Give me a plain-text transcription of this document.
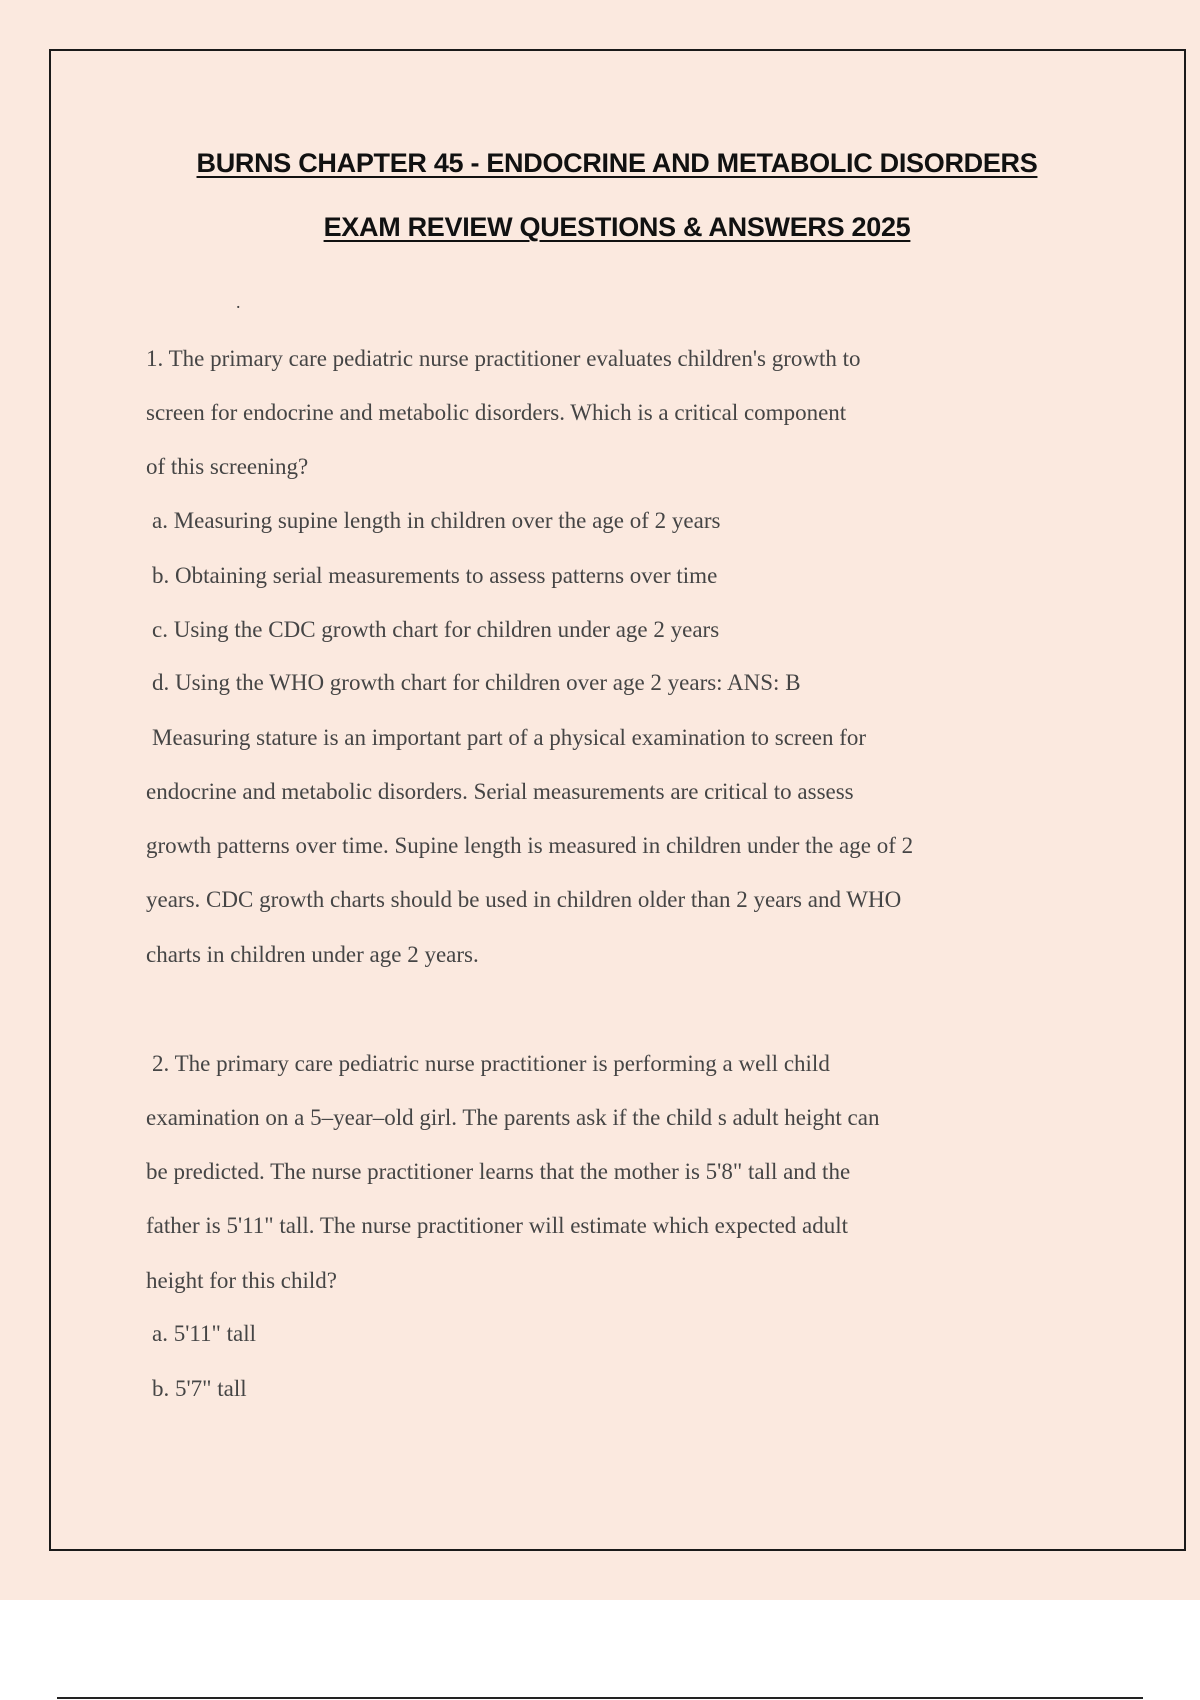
BURNS CHAPTER 45 - ENDOCRINE AND METABOLIC DISORDERS
EXAM REVIEW QUESTIONS & ANSWERS 2025
.

1. The primary care pediatric nurse practitioner evaluates children's growth to

screen for endocrine and metabolic disorders. Which is a critical component

of this screening?

a. Measuring supine length in children over the age of 2 years

b. Obtaining serial measurements to assess patterns over time

c. Using the CDC growth chart for children under age 2 years

d. Using the WHO growth chart for children over age 2 years: ANS: B

Measuring stature is an important part of a physical examination to screen for

endocrine and metabolic disorders. Serial measurements are critical to assess

growth patterns over time. Supine length is measured in children under the age of 2

years. CDC growth charts should be used in children older than 2 years and WHO

charts in children under age 2 years.

2. The primary care pediatric nurse practitioner is performing a well child

examination on a 5–year–old girl. The parents ask if the child s adult height can

be predicted. The nurse practitioner learns that the mother is 5'8" tall and the

father is 5'11" tall. The nurse practitioner will estimate which expected adult

height for this child?

a. 5'11" tall

b. 5'7" tall
